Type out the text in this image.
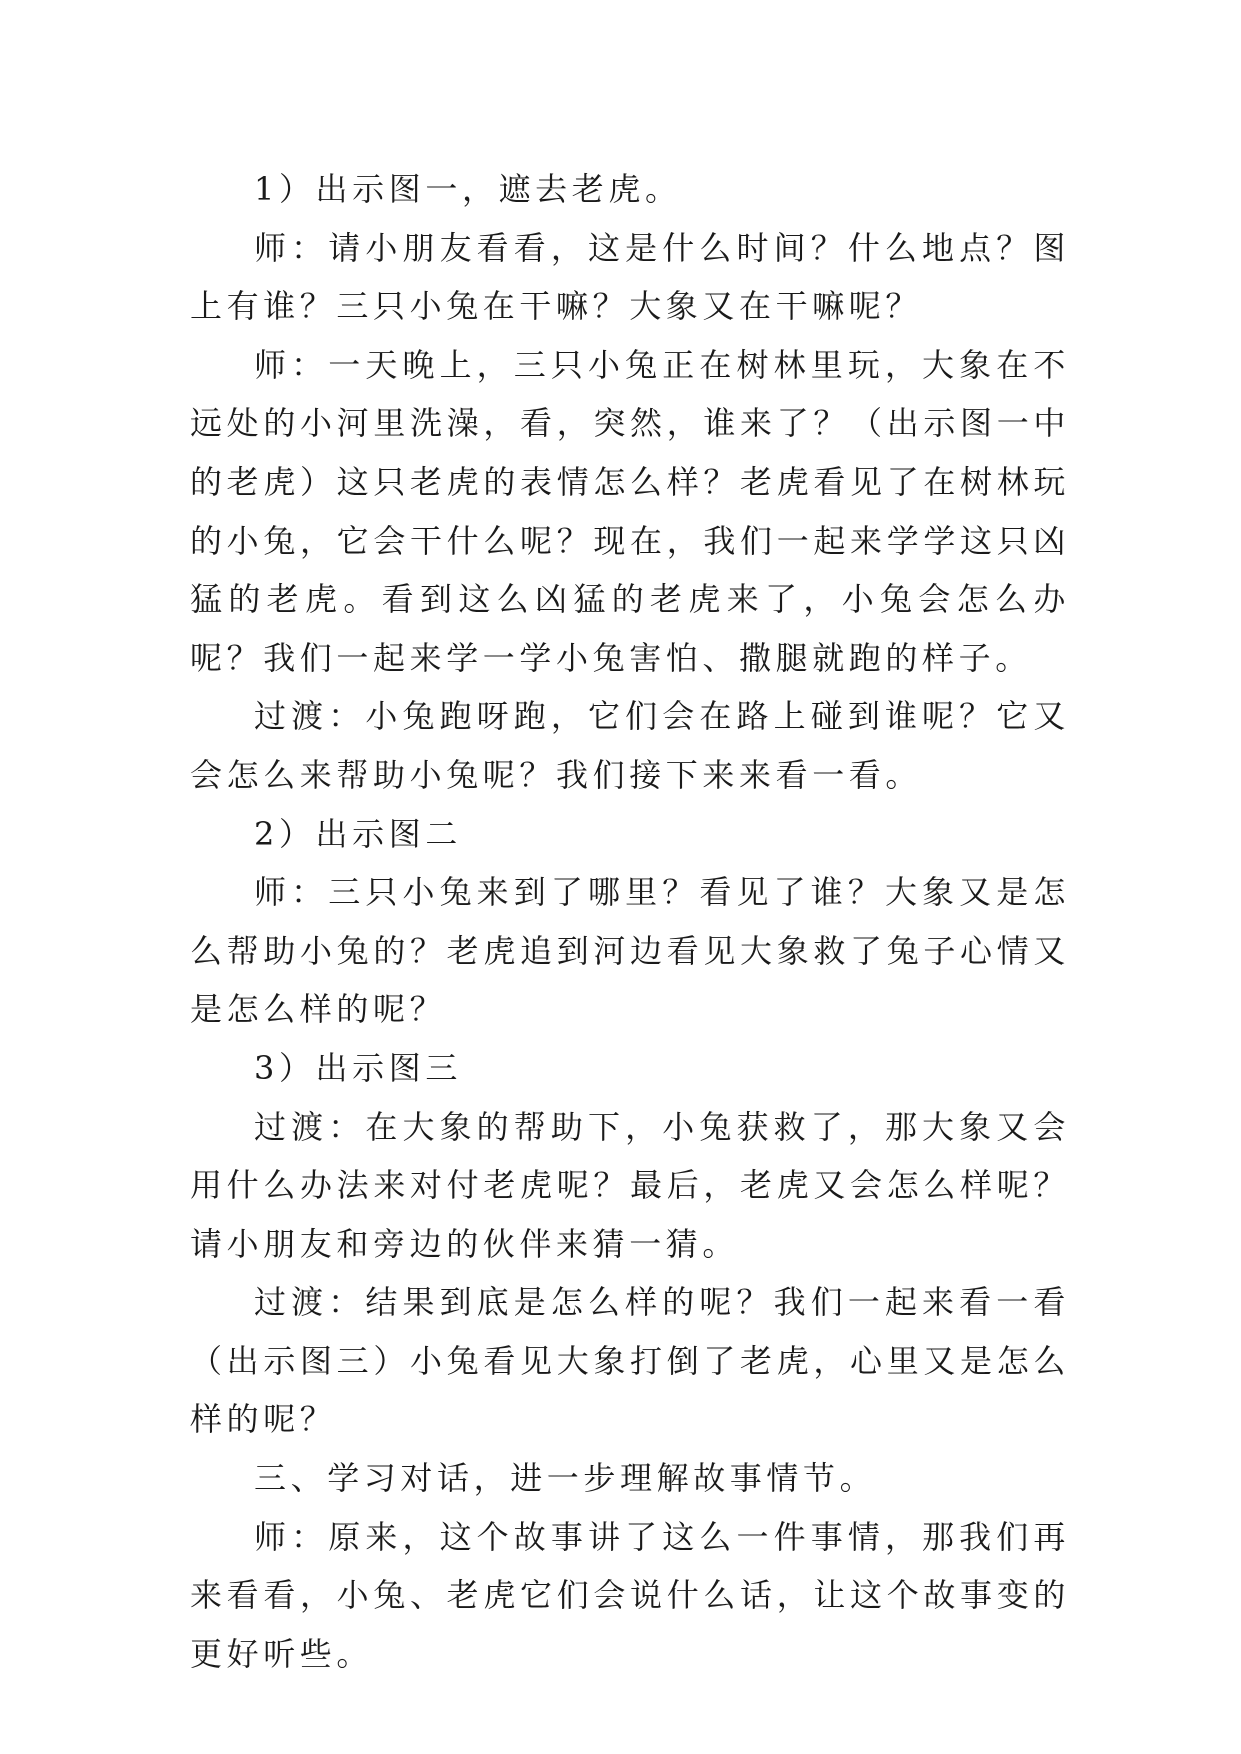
1）出示图一，遮去老虎。

师：请小朋友看看，这是什么时间？什么地点？图上有谁？三只小兔在干嘛？大象又在干嘛呢？

师：一天晚上，三只小兔正在树林里玩，大象在不远处的小河里洗澡，看，突然，谁来了？（出示图一中的老虎）这只老虎的表情怎么样？老虎看见了在树林玩的小兔，它会干什么呢？现在，我们一起来学学这只凶猛的老虎。看到这么凶猛的老虎来了，小兔会怎么办呢？我们一起来学一学小兔害怕、撒腿就跑的样子。

过渡：小兔跑呀跑，它们会在路上碰到谁呢？它又会怎么来帮助小兔呢？我们接下来来看一看。

2）出示图二

师：三只小兔来到了哪里？看见了谁？大象又是怎么帮助小兔的？老虎追到河边看见大象救了兔子心情又是怎么样的呢？

3）出示图三

过渡：在大象的帮助下，小兔获救了，那大象又会用什么办法来对付老虎呢？最后，老虎又会怎么样呢？请小朋友和旁边的伙伴来猜一猜。

过渡：结果到底是怎么样的呢？我们一起来看一看（出示图三）小兔看见大象打倒了老虎，心里又是怎么样的呢？

三、学习对话，进一步理解故事情节。

师：原来，这个故事讲了这么一件事情，那我们再来看看，小兔、老虎它们会说什么话，让这个故事变的更好听些。
